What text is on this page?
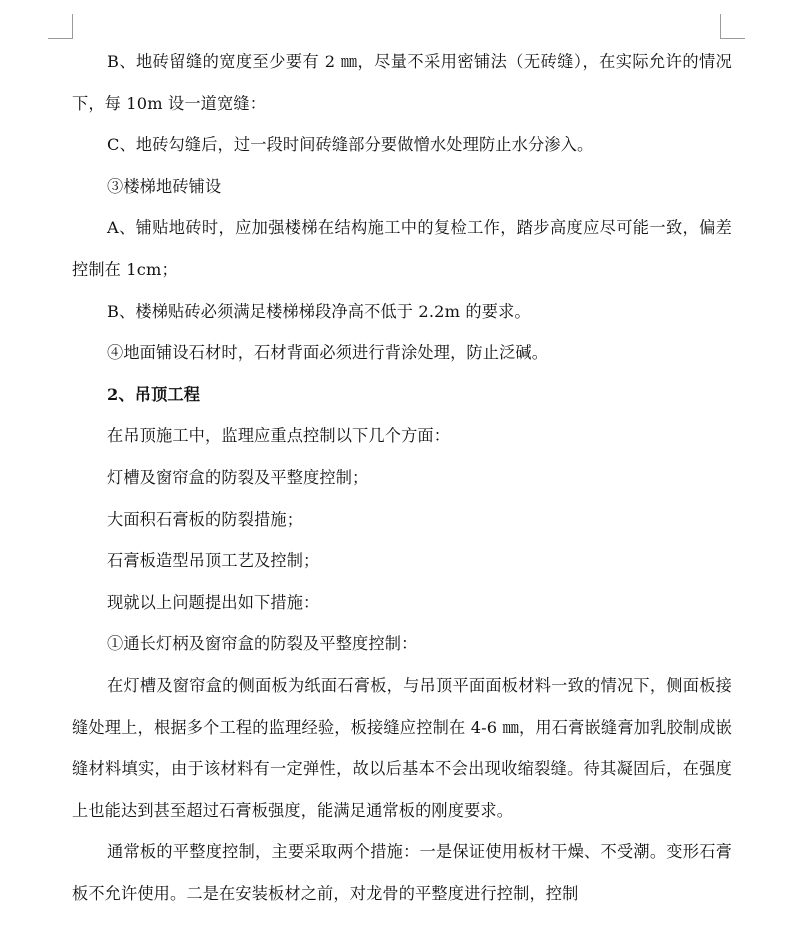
B、地砖留缝的宽度至少要有 2 ㎜，尽量不采用密铺法（无砖缝），在实际允许的情况下，每 10m 设一道宽缝：

C、地砖勾缝后，过一段时间砖缝部分要做憎水处理防止水分渗入。

③楼梯地砖铺设

A、铺贴地砖时，应加强楼梯在结构施工中的复检工作，踏步高度应尽可能一致，偏差控制在 1cm；

B、楼梯贴砖必须满足楼梯梯段净高不低于 2.2m 的要求。

④地面铺设石材时，石材背面必须进行背涂处理，防止泛碱。

2、吊顶工程

在吊顶施工中，监理应重点控制以下几个方面：

灯槽及窗帘盒的防裂及平整度控制；

大面积石膏板的防裂措施；

石膏板造型吊顶工艺及控制；

现就以上问题提出如下措施：

①通长灯柄及窗帘盒的防裂及平整度控制：

在灯槽及窗帘盒的侧面板为纸面石膏板，与吊顶平面面板材料一致的情况下，侧面板接缝处理上，根据多个工程的监理经验，板接缝应控制在 4-6 ㎜，用石膏嵌缝膏加乳胶制成嵌缝材料填实，由于该材料有一定弹性，故以后基本不会出现收缩裂缝。待其凝固后，在强度上也能达到甚至超过石膏板强度，能满足通常板的刚度要求。

通常板的平整度控制，主要采取两个措施：一是保证使用板材干燥、不受潮。变形石膏板不允许使用。二是在安装板材之前，对龙骨的平整度进行控制，控制
